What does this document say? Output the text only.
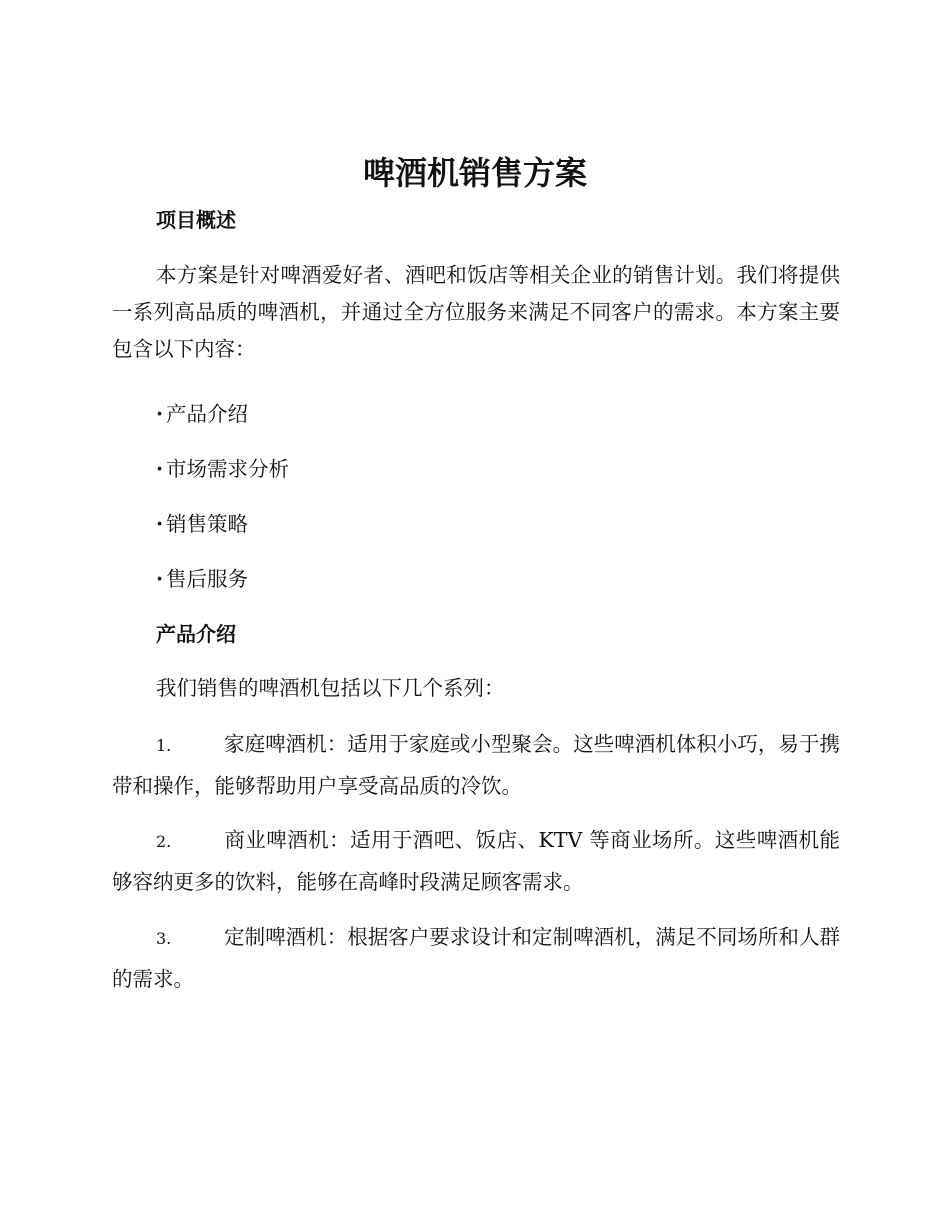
啤酒机销售方案
项目概述

本方案是针对啤酒爱好者、酒吧和饭店等相关企业的销售计划。我们将提供一系列高品质的啤酒机，并通过全方位服务来满足不同客户的需求。本方案主要包含以下内容：

· 产品介绍

· 市场需求分析

· 销售策略

· 售后服务

产品介绍

我们销售的啤酒机包括以下几个系列：

1.	家庭啤酒机：适用于家庭或小型聚会。这些啤酒机体积小巧，易于携带和操作，能够帮助用户享受高品质的冷饮。

2.	商业啤酒机：适用于酒吧、饭店、KTV 等商业场所。这些啤酒机能够容纳更多的饮料，能够在高峰时段满足顾客需求。

3.	定制啤酒机：根据客户要求设计和定制啤酒机，满足不同场所和人群的需求。
